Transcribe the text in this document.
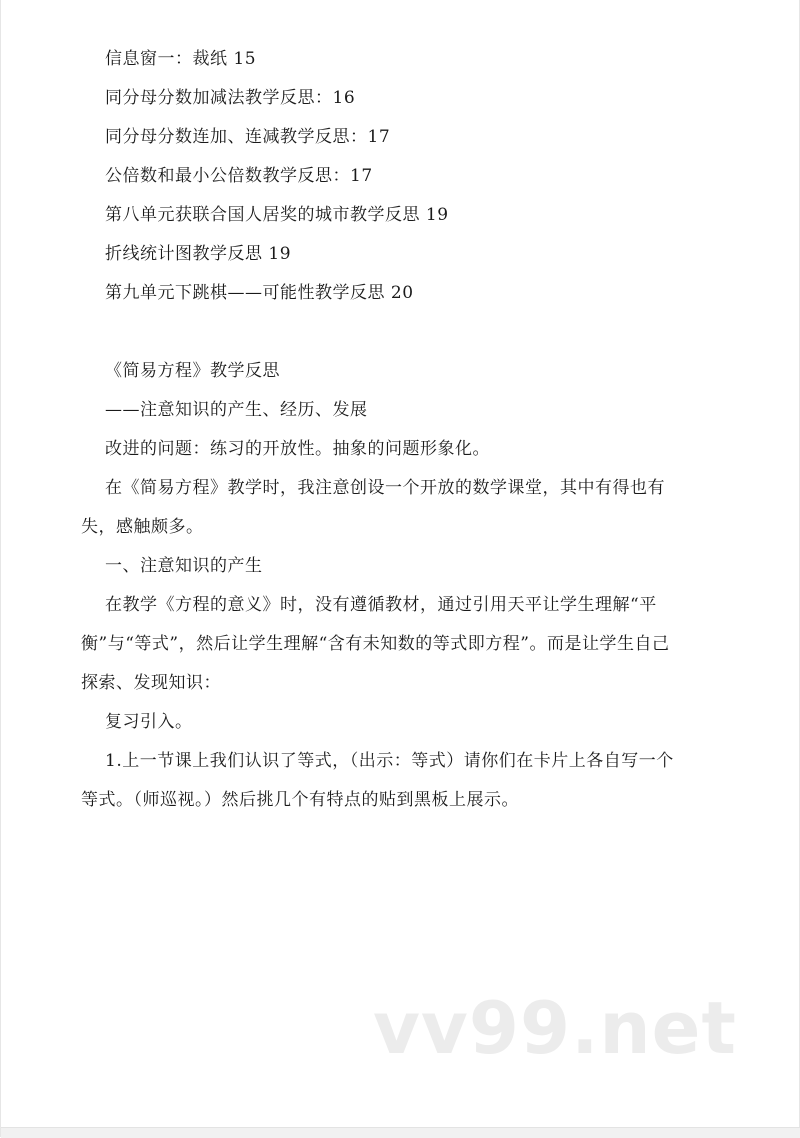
信息窗一：裁纸 15
同分母分数加减法教学反思：16
同分母分数连加、连减教学反思：17
公倍数和最小公倍数教学反思：17
第八单元获联合国人居奖的城市教学反思 19
折线统计图教学反思 19
第九单元下跳棋——可能性教学反思 20
《简易方程》教学反思
——注意知识的产生、经历、发展
改进的问题：练习的开放性。抽象的问题形象化。
在《简易方程》教学时，我注意创设一个开放的数学课堂，其中有得也有
失，感触颇多。
一、注意知识的产生
在教学《方程的意义》时，没有遵循教材，通过引用天平让学生理解“平
衡”与“等式”，然后让学生理解“含有未知数的等式即方程”。而是让学生自己
探索、发现知识：
复习引入。
1.上一节课上我们认识了等式，（出示：等式）请你们在卡片上各自写一个
等式。（师巡视。）然后挑几个有特点的贴到黑板上展示。
vv99.net
